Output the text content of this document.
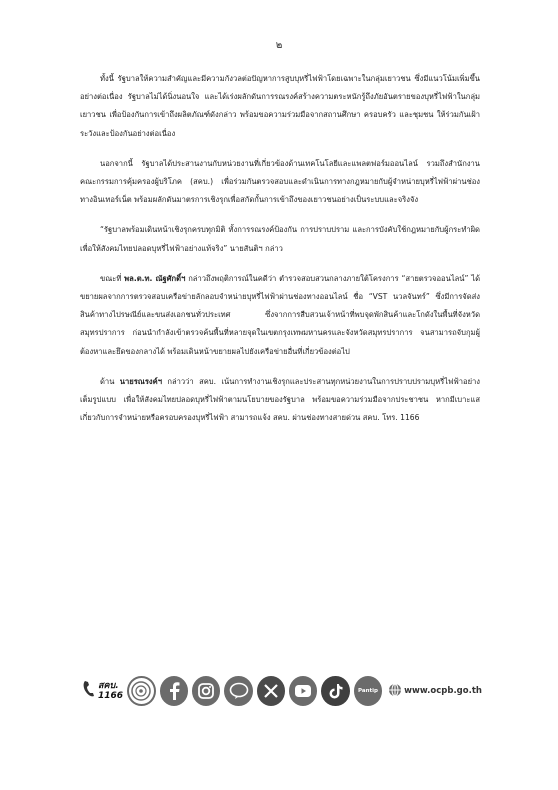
๒

ทั้งนี้ รัฐบาลให้ความสำคัญและมีความกังวลต่อปัญหาการสูบบุหรี่ไฟฟ้าโดยเฉพาะในกลุ่มเยาวชน ซึ่งมีแนวโน้มเพิ่มขึ้นอย่างต่อเนื่อง รัฐบาลไม่ได้นิ่งนอนใจ และได้เร่งผลักดันการรณรงค์สร้างความตระหนักรู้ถึงภัยอันตรายของบุหรี่ไฟฟ้าในกลุ่มเยาวชน เพื่อป้องกันการเข้าถึงผลิตภัณฑ์ดังกล่าว พร้อมขอความร่วมมือจากสถานศึกษา ครอบครัว และชุมชน ให้ร่วมกันเฝ้าระวังและป้องกันอย่างต่อเนื่อง

นอกจากนี้ รัฐบาลได้ประสานงานกับหน่วยงานที่เกี่ยวข้องด้านเทคโนโลยีและแพลตฟอร์มออนไลน์ รวมถึงสำนักงานคณะกรรมการคุ้มครองผู้บริโภค (สคบ.) เพื่อร่วมกันตรวจสอบและดำเนินการทางกฎหมายกับผู้จำหน่ายบุหรี่ไฟฟ้าผ่านช่องทางอินเทอร์เน็ต พร้อมผลักดันมาตรการเชิงรุกเพื่อสกัดกั้นการเข้าถึงของเยาวชนอย่างเป็นระบบและจริงจัง

“รัฐบาลพร้อมเดินหน้าเชิงรุกครบทุกมิติ ทั้งการรณรงค์ป้องกัน การปราบปราม และการบังคับใช้กฎหมายกับผู้กระทำผิด เพื่อให้สังคมไทยปลอดบุหรี่ไฟฟ้าอย่างแท้จริง” นายสันติฯ กล่าว

ขณะที่ พล.ต.ท. ณัฐศักดิ์ฯ กล่าวถึงพฤติการณ์ในคดีว่า ตำรวจสอบสวนกลางภายใต้โครงการ “สายตรวจออนไลน์” ได้ขยายผลจากการตรวจสอบเครือข่ายลักลอบจำหน่ายบุหรี่ไฟฟ้าผ่านช่องทางออนไลน์ ชื่อ “VST นวลจันทร์” ซึ่งมีการจัดส่งสินค้าทางไปรษณีย์และขนส่งเอกชนทั่วประเทศ ซึ่งจากการสืบสวนเจ้าหน้าที่พบจุดพักสินค้าและโกดังในพื้นที่จังหวัดสมุทรปราการ ก่อนนำกำลังเข้าตรวจค้นพื้นที่หลายจุดในเขตกรุงเทพมหานครและจังหวัดสมุทรปราการ จนสามารถจับกุมผู้ต้องหาและยึดของกลางได้ พร้อมเดินหน้าขยายผลไปยังเครือข่ายอื่นที่เกี่ยวข้องต่อไป

ด้าน นายรณรงค์ฯ กล่าวว่า สคบ. เน้นการทำงานเชิงรุกและประสานทุกหน่วยงานในการปราบปรามบุหรี่ไฟฟ้าอย่างเต็มรูปแบบ เพื่อให้สังคมไทยปลอดบุหรี่ไฟฟ้าตามนโยบายของรัฐบาล พร้อมขอความร่วมมือจากประชาชน หากมีเบาะแสเกี่ยวกับการจำหน่ายหรือครอบครองบุหรี่ไฟฟ้า สามารถแจ้ง สคบ. ผ่านช่องทางสายด่วน สคบ. โทร. 1166

สคบ.
1166	Pantip	www.ocpb.go.th
